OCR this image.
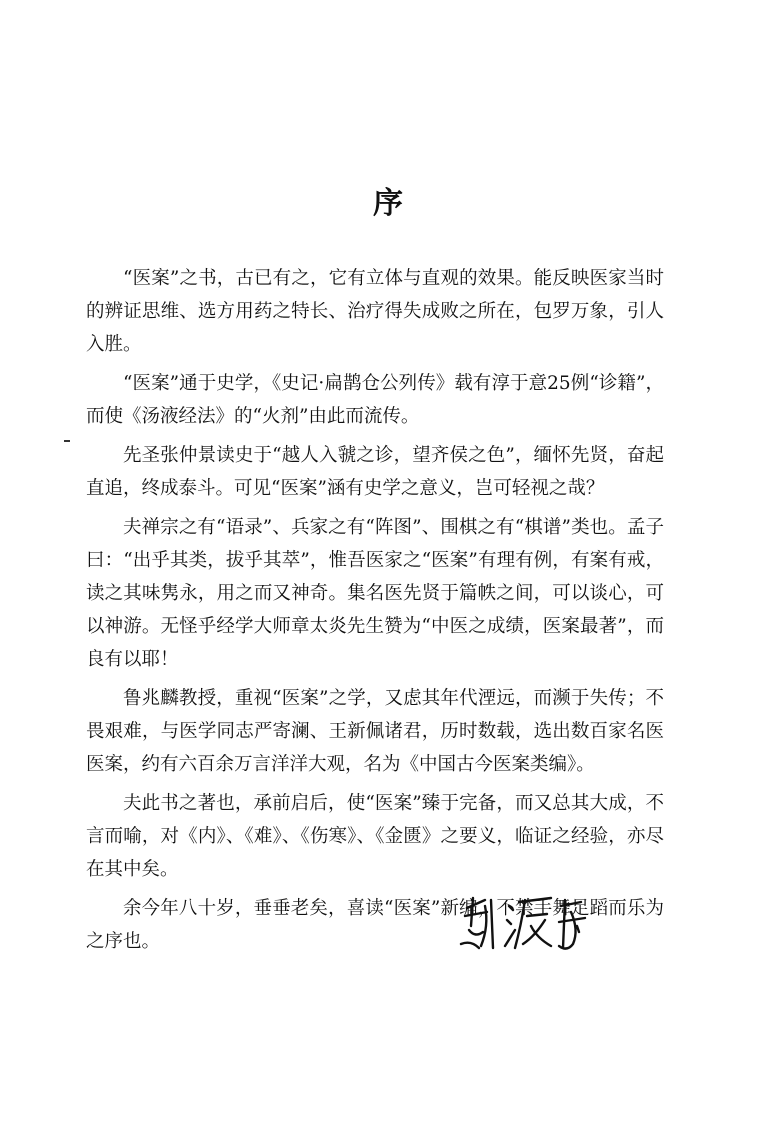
序

“医案”之书，古已有之，它有立体与直观的效果。能反映医家当时的辨证思维、选方用药之特长、治疗得失成败之所在，包罗万象，引人入胜。

“医案”通于史学，《史记·扁鹊仓公列传》载有淳于意25例“诊籍”，而使《汤液经法》的“火剂”由此而流传。

先圣张仲景读史于“越人入虢之诊，望齐侯之色”，缅怀先贤，奋起直追，终成泰斗。可见“医案”涵有史学之意义，岂可轻视之哉？

夫禅宗之有“语录”、兵家之有“阵图”、围棋之有“棋谱”类也。孟子曰：“出乎其类，拔乎其萃”，惟吾医家之“医案”有理有例，有案有戒，读之其味隽永，用之而又神奇。集名医先贤于篇帙之间，可以谈心，可以神游。无怪乎经学大师章太炎先生赞为“中医之成绩，医案最著”，而良有以耶！

鲁兆麟教授，重视“医案”之学，又虑其年代湮远，而濒于失传；不畏艰难，与医学同志严寄澜、王新佩诸君，历时数载，选出数百家名医医案，约有六百余万言洋洋大观，名为《中国古今医案类编》。

夫此书之著也，承前启后，使“医案”臻于完备，而又总其大成，不言而喻，对《内》、《难》、《伤寒》、《金匮》之要义，临证之经验，亦尽在其中矣。

余今年八十岁，垂垂老矣，喜读“医案”新编，不禁手舞足蹈而乐为之序也。
